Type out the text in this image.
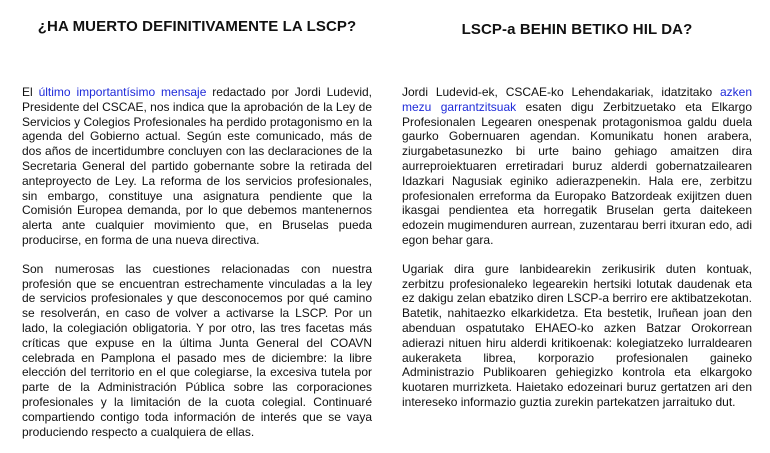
¿HA MUERTO DEFINITIVAMENTE LA LSCP?

El último importantísimo mensaje redactado por Jordi Ludevid, Presidente del CSCAE, nos indica que la aprobación de la Ley de Servicios y Colegios Profesionales ha perdido protagonismo en la agenda del Gobierno actual. Según este comunicado, más de dos años de incertidumbre concluyen con las declaraciones de la Secretaria General del partido gobernante sobre la retirada del anteproyecto de Ley. La reforma de los servicios profesionales, sin embargo, constituye una asignatura pendiente que la Comisión Europea demanda, por lo que debemos mantenernos alerta ante cualquier movimiento que, en Bruselas pueda producirse, en forma de una nueva directiva.

Son numerosas las cuestiones relacionadas con nuestra profesión que se encuentran estrechamente vinculadas a la ley de servicios profesionales y que desconocemos por qué camino se resolverán, en caso de volver a activarse la LSCP. Por un lado, la colegiación obligatoria. Y por otro, las tres facetas más críticas que expuse en la última Junta General del COAVN celebrada en Pamplona el pasado mes de diciembre: la libre elección del territorio en el que colegiarse, la excesiva tutela por parte de la Administración Pública sobre las corporaciones profesionales y la limitación de la cuota colegial. Continuaré compartiendo contigo toda información de interés que se vaya produciendo respecto a cualquiera de ellas.

LSCP-a BEHIN BETIKO HIL DA?

Jordi Ludevid-ek, CSCAE-ko Lehendakariak, idatzitako azken mezu garrantzitsuak esaten digu Zerbitzuetako eta Elkargo Profesionalen Legearen onespenak protagonismoa galdu duela gaurko Gobernuaren agendan. Komunikatu honen arabera, ziurgabetasunezko bi urte baino gehiago amaitzen dira aurreproiektuaren erretiradari buruz alderdi gobernatzailearen Idazkari Nagusiak eginiko adierazpenekin. Hala ere, zerbitzu profesionalen erreforma da Europako Batzordeak exijitzen duen ikasgai pendientea eta horregatik Bruselan gerta daitekeen edozein mugimenduren aurrean, zuzentarau berri itxuran edo, adi egon behar gara.

Ugariak dira gure lanbidearekin zerikusirik duten kontuak, zerbitzu profesionaleko legearekin hertsiki lotutak daudenak eta ez dakigu zelan ebatziko diren LSCP-a berriro ere aktibatzekotan. Batetik, nahitaezko elkarkidetza. Eta bestetik, Iruñean joan den abenduan ospatutako EHAEO-ko azken Batzar Orokorrean adierazi nituen hiru alderdi kritikoenak: kolegiatzeko lurraldearen aukeraketa librea, korporazio profesionalen gaineko Administrazio Publikoaren gehiegizko kontrola eta elkargoko kuotaren murrizketa. Haietako edozeinari buruz gertatzen ari den intereseko informazio guztia zurekin partekatzen jarraituko dut.
